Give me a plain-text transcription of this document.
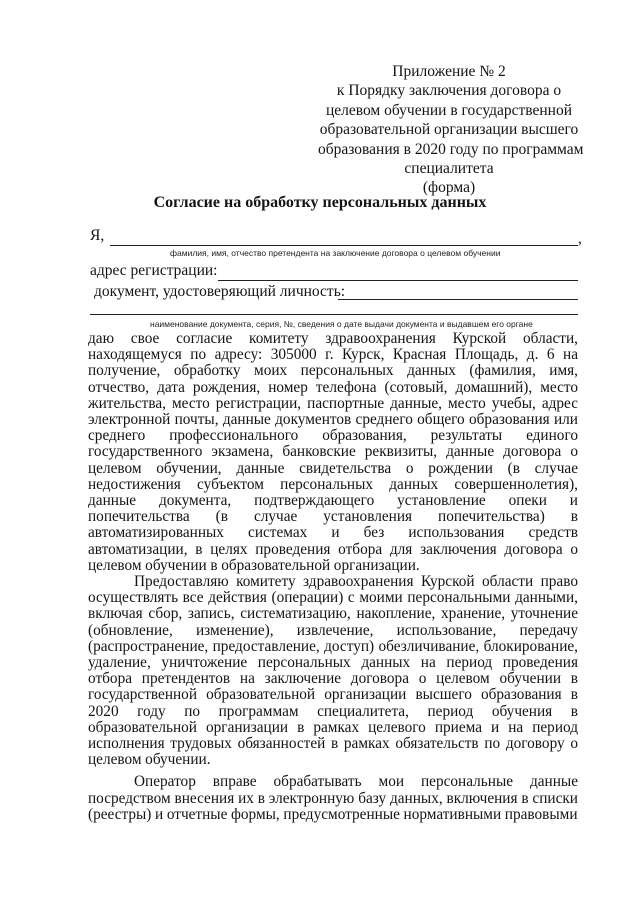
Приложение № 2
к Порядку заключения договора о
целевом обучении в государственной
образовательной организации высшего
образования в 2020 году по программам
специалитета
(форма)
Согласие на обработку персональных данных
Я,	,
фамилия, имя, отчество претендента на заключение договора о целевом обучении
адрес регистрации:
документ, удостоверяющий личность:
наименование документа, серия, №, сведения о дате выдачи документа и выдавшем его органе

даю свое согласие комитету здравоохранения Курской области, находящемуся по адресу: 305000 г. Курск, Красная Площадь, д. 6 на получение, обработку моих персональных данных (фамилия, имя, отчество, дата рождения, номер телефона (сотовый, домашний), место жительства, место регистрации, паспортные данные, место учебы, адрес электронной почты, данные документов среднего общего образования или среднего профессионального образования, результаты единого государственного экзамена, банковские реквизиты, данные договора о целевом обучении, данные свидетельства о рождении (в случае недостижения субъектом персональных данных совершеннолетия), данные документа, подтверждающего установление опеки и попечительства (в случае установления попечительства) в автоматизированных системах и без использования средств автоматизации, в целях проведения отбора для заключения договора о целевом обучении в образовательной организации.

Предоставляю комитету здравоохранения Курской области право осуществлять все действия (операции) с моими персональными данными, включая сбор, запись, систематизацию, накопление, хранение, уточнение (обновление, изменение), извлечение, использование, передачу (распространение, предоставление, доступ) обезличивание, блокирование, удаление, уничтожение персональных данных на период проведения отбора претендентов на заключение договора о целевом обучении в государственной образовательной организации высшего образования в 2020 году по программам специалитета, период обучения в образовательной организации в рамках целевого приема и на период исполнения трудовых обязанностей в рамках обязательств по договору о целевом обучении.

Оператор вправе обрабатывать мои персональные данные посредством внесения их в электронную базу данных, включения в списки (реестры) и отчетные формы, предусмотренные нормативными правовыми
